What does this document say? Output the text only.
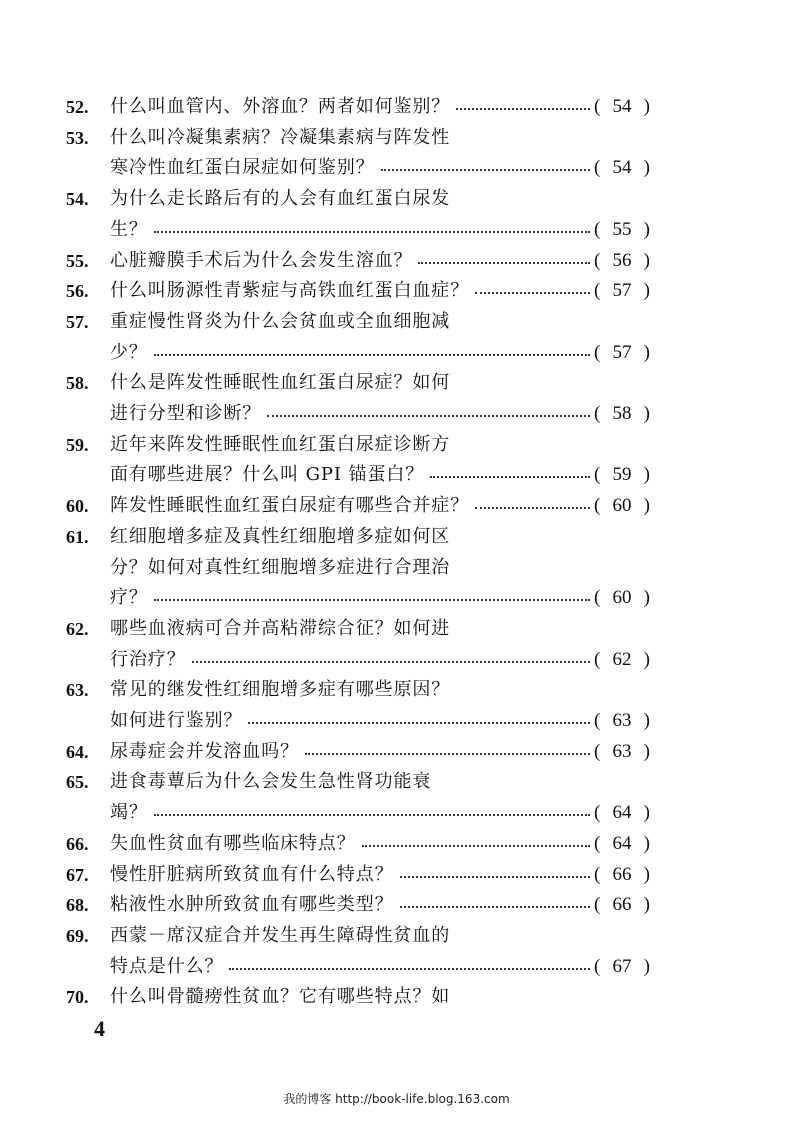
52.	什么叫血管内、外溶血？两者如何鉴别？	( 54 )
53.	什么叫冷凝集素病？冷凝集素病与阵发性
寒冷性血红蛋白尿症如何鉴别？	( 54 )
54.	为什么走长路后有的人会有血红蛋白尿发
生？	( 55 )
55.	心脏瓣膜手术后为什么会发生溶血？	( 56 )
56.	什么叫肠源性青紫症与高铁血红蛋白血症？	( 57 )
57.	重症慢性肾炎为什么会贫血或全血细胞减
少？	( 57 )
58.	什么是阵发性睡眠性血红蛋白尿症？如何
进行分型和诊断？	( 58 )
59.	近年来阵发性睡眠性血红蛋白尿症诊断方
面有哪些进展？什么叫 GPI 锚蛋白？	( 59 )
60.	阵发性睡眠性血红蛋白尿症有哪些合并症？	( 60 )
61.	红细胞增多症及真性红细胞增多症如何区
分？如何对真性红细胞增多症进行合理治
疗？	( 60 )
62.	哪些血液病可合并高粘滞综合征？如何进
行治疗？	( 62 )
63.	常见的继发性红细胞增多症有哪些原因？
如何进行鉴别？	( 63 )
64.	尿毒症会并发溶血吗？	( 63 )
65.	进食毒蕈后为什么会发生急性肾功能衰
竭？	( 64 )
66.	失血性贫血有哪些临床特点？	( 64 )
67.	慢性肝脏病所致贫血有什么特点？	( 66 )
68.	粘液性水肿所致贫血有哪些类型？	( 66 )
69.	西蒙－席汉症合并发生再生障碍性贫血的
特点是什么？	( 67 )
70.	什么叫骨髓痨性贫血？它有哪些特点？如
4
我的博客 http://book-life.blog.163.com
